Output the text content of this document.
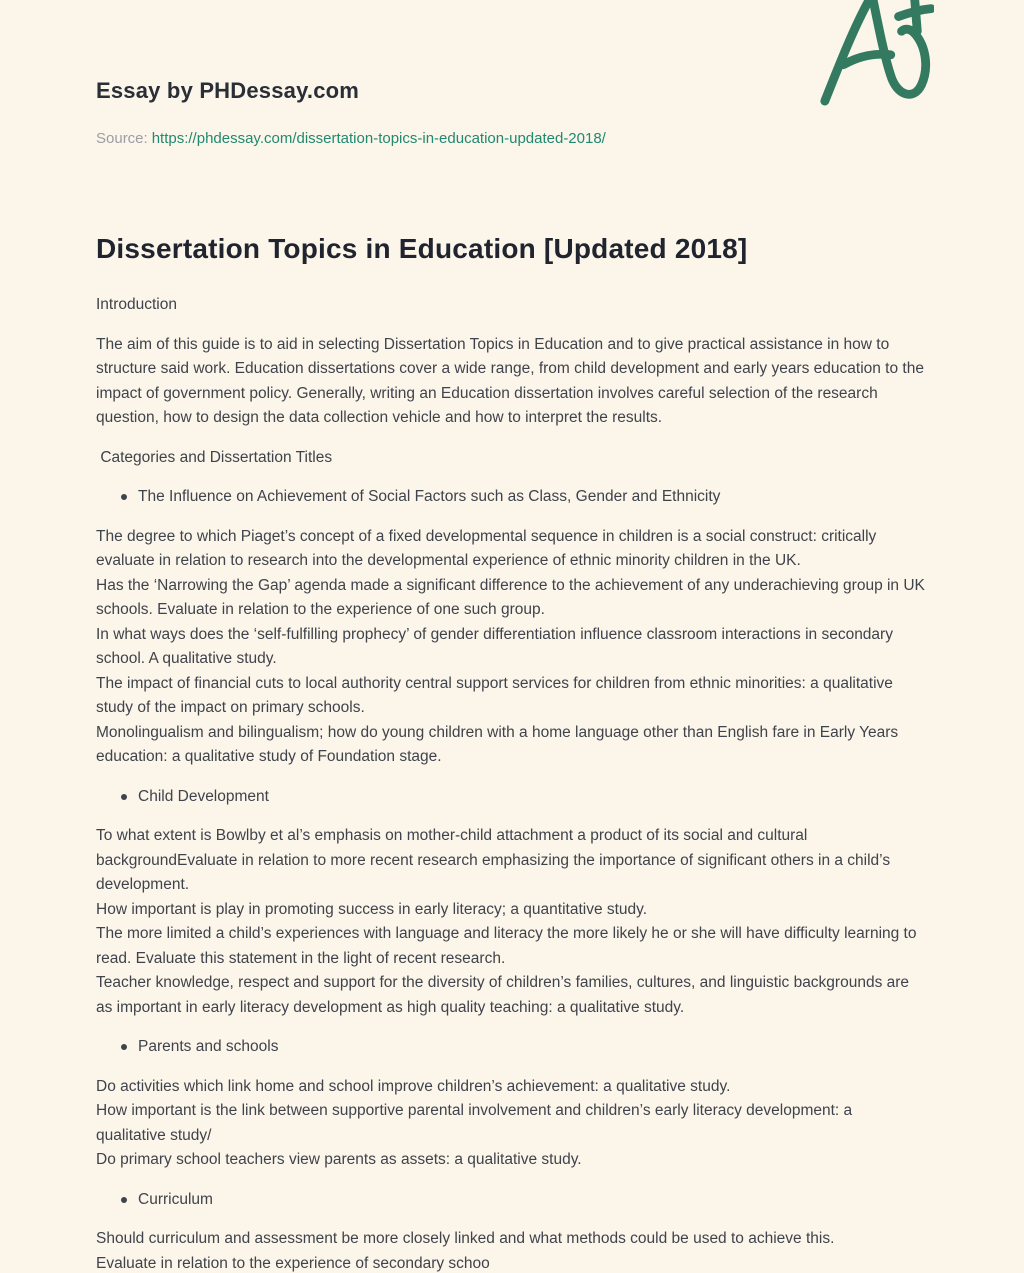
Essay by PHDessay.com

Source: https://phdessay.com/dissertation-topics-in-education-updated-2018/

Dissertation Topics in Education [Updated 2018]

Introduction

The aim of this guide is to aid in selecting Dissertation Topics in Education and to give practical assistance in how to structure said work. Education dissertations cover a wide range, from child development and early years education to the impact of government policy. Generally, writing an Education dissertation involves careful selection of the research question, how to design the data collection vehicle and how to interpret the results.

Categories and Dissertation Titles

The Influence on Achievement of Social Factors such as Class, Gender and Ethnicity

The degree to which Piaget’s concept of a fixed developmental sequence in children is a social construct: critically evaluate in relation to research into the developmental experience of ethnic minority children in the UK.
Has the ‘Narrowing the Gap’ agenda made a significant difference to the achievement of any underachieving group in UK schools. Evaluate in relation to the experience of one such group.
In what ways does the ‘self-fulfilling prophecy’ of gender differentiation influence classroom interactions in secondary school. A qualitative study.
The impact of financial cuts to local authority central support services for children from ethnic minorities: a qualitative study of the impact on primary schools.
Monolingualism and bilingualism; how do young children with a home language other than English fare in Early Years education: a qualitative study of Foundation stage.

Child Development

To what extent is Bowlby et al’s emphasis on mother-child attachment a product of its social and cultural backgroundEvaluate in relation to more recent research emphasizing the importance of significant others in a child’s development.
How important is play in promoting success in early literacy; a quantitative study.
The more limited a child’s experiences with language and literacy the more likely he or she will have difficulty learning to read. Evaluate this statement in the light of recent research.
Teacher knowledge, respect and support for the diversity of children’s families, cultures, and linguistic backgrounds are as important in early literacy development as high quality teaching: a qualitative study.

Parents and schools

Do activities which link home and school improve children’s achievement: a qualitative study.
How important is the link between supportive parental involvement and children’s early literacy development: a qualitative study/
Do primary school teachers view parents as assets: a qualitative study.

Curriculum

Should curriculum and assessment be more closely linked and what methods could be used to achieve this.
Evaluate in relation to the experience of secondary schoo
